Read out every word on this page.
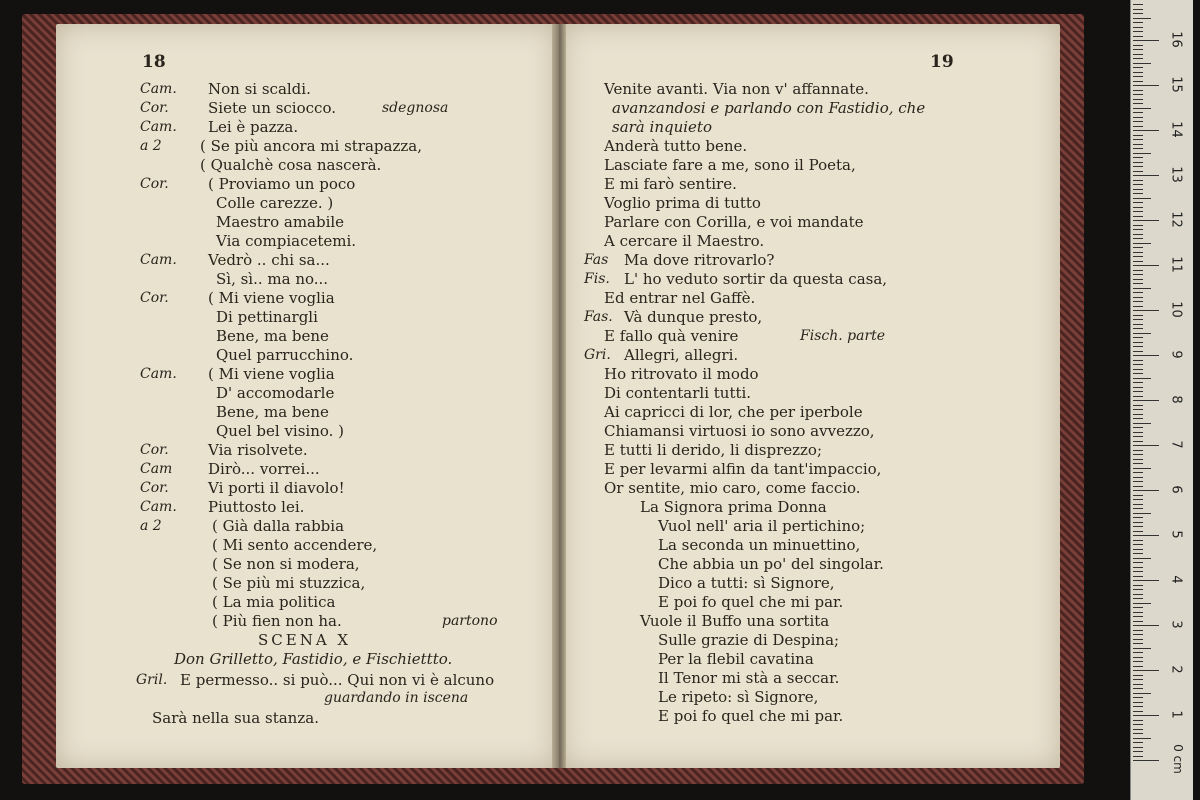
18
Cam. Non si scaldi.
Cor.	Siete un sciocco.	sdegnosa
Cam. Lei è pazza.
a 2	( Se più ancora mi strapazza,
( Qualchè cosa nascerà.
Cor.	( Proviamo un poco
Colle carezze. )
Maestro amabile
Via compiacetemi.
Cam. Vedrò .. chi sa...
Sì, sì.. ma no...
Cor.	( Mi viene voglia
Di pettinargli
Bene, ma bene
Quel parrucchino.
Cam. ( Mi viene voglia
D' accomodarle
Bene, ma bene
Quel bel visino. )
Cor.	Via risolvete.
Cam Dirò... vorrei...
Cor.	Vi porti il diavolo!
Cam. Piuttosto lei.
a 2	( Già dalla rabbia
( Mi sento accendere,
( Se non si modera,
( Se più mi stuzzica,
( La mia politica
( Più fien non ha.	partono
SCENA X
Don Grilletto, Fastidio, e Fischiettto.
Gril. E permesso.. si può... Qui non vi è alcuno
guardando in iscena
Sarà nella sua stanza.
19
Venite avanti. Via non v' affannate.
avanzandosi e parlando con Fastidio, che
sarà inquieto
Anderà tutto bene.
Lasciate fare a me, sono il Poeta,
E mi farò sentire.
Voglio prima di tutto
Parlare con Corilla, e voi mandate
A cercare il Maestro.
Fas Ma dove ritrovarlo?
Fis. L' ho veduto sortir da questa casa,
Ed entrar nel Gaffè.
Fas. Và dunque presto,
E fallo quà venire	Fisch. parte
Gri. Allegri, allegri.
Ho ritrovato il modo
Di contentarli tutti.
Ai capricci di lor, che per iperbole
Chiamansi virtuosi io sono avvezzo,
E tutti li derido, li disprezzo;
E per levarmi alfin da tant'impaccio,
Or sentite, mio caro, come faccio.
La Signora prima Donna
Vuol nell' aria il pertichino;
La seconda un minuettino,
Che abbia un po' del singolar.
Dico a tutti: sì Signore,
E poi fo quel che mi par.
Vuole il Buffo una sortita
Sulle grazie di Despina;
Per la flebil cavatina
Il Tenor mi stà a seccar.
Le ripeto: sì Signore,
E poi fo quel che mi par.
0 cm
1
2
3
4
5
6
7
8
9
10
11
12
13
14
15
16
